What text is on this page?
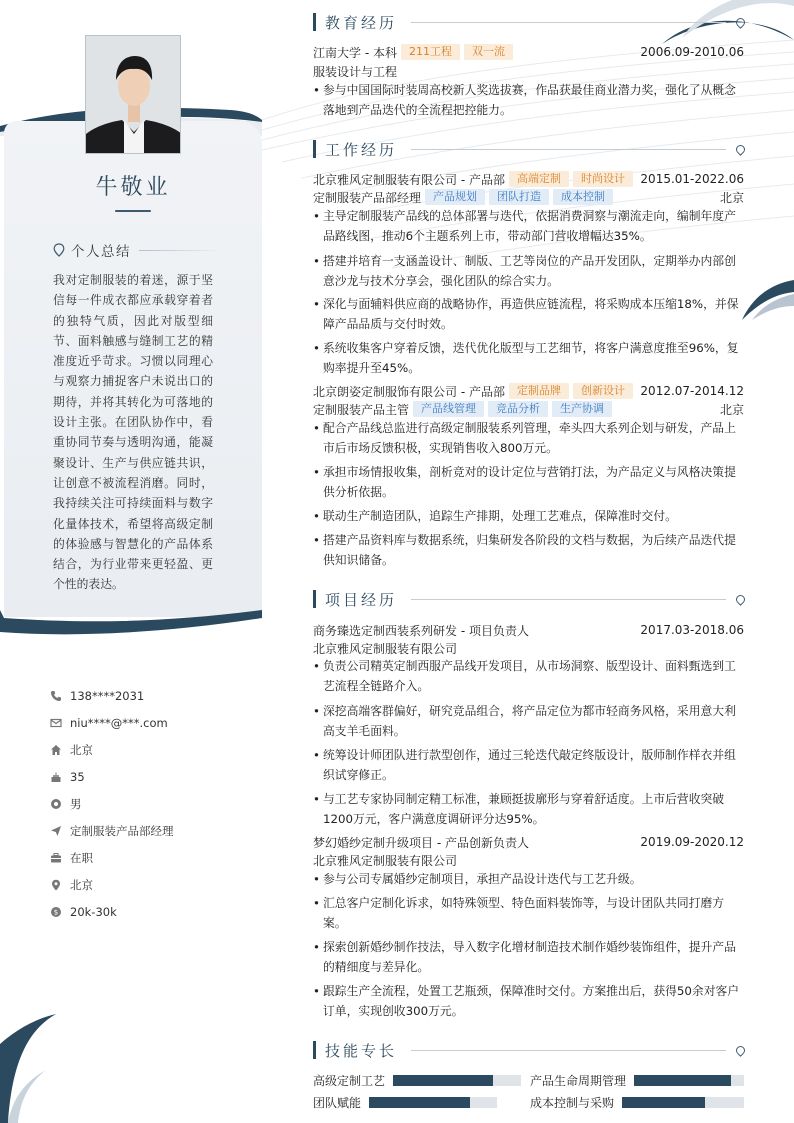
牛敬业
个人总结
我对定制服装的着迷，源于坚信每一件成衣都应承载穿着者的独特气质，因此对版型细节、面料触感与缝制工艺的精准度近乎苛求。习惯以同理心与观察力捕捉客户未说出口的期待，并将其转化为可落地的设计主张。在团队协作中，看重协同节奏与透明沟通，能凝聚设计、生产与供应链共识，让创意不被流程消磨。同时，我持续关注可持续面料与数字化量体技术，希望将高级定制的体验感与智慧化的产品体系结合，为行业带来更轻盈、更个性的表达。
138****2031
niu****@***.com
北京
35
男
定制服装产品部经理
在职
北京
$ 20k-30k
教育经历
江南大学 - 本科	211工程	双一流	2006.09-2010.06
服装设计与工程
• 参与中国国际时装周高校新人奖选拔赛，作品获最佳商业潜力奖，强化了从概念落地到产品迭代的全流程把控能力。
工作经历
北京雅风定制服装有限公司 - 产品部	高端定制	时尚设计	2015.01-2022.06
定制服装产品部经理	产品规划	团队打造	成本控制	北京
• 主导定制服装产品线的总体部署与迭代，依据消费洞察与潮流走向，编制年度产品路线图，推动6个主题系列上市，带动部门营收增幅达35%。
• 搭建并培育一支涵盖设计、制版、工艺等岗位的产品开发团队，定期举办内部创意沙龙与技术分享会，强化团队的综合实力。
• 深化与面辅料供应商的战略协作，再造供应链流程，将采购成本压缩18%，并保障产品品质与交付时效。
• 系统收集客户穿着反馈，迭代优化版型与工艺细节，将客户满意度推至96%，复购率提升至45%。
北京朗姿定制服饰有限公司 - 产品部	定制品牌	创新设计	2012.07-2014.12
定制服装产品主管	产品线管理	竞品分析	生产协调	北京
• 配合产品线总监进行高级定制服装系列管理，牵头四大系列企划与研发，产品上市后市场反馈积极，实现销售收入800万元。
• 承担市场情报收集，剖析竞对的设计定位与营销打法，为产品定义与风格决策提供分析依据。
• 联动生产制造团队，追踪生产排期，处理工艺难点，保障准时交付。
• 搭建产品资料库与数据系统，归集研发各阶段的文档与数据，为后续产品迭代提供知识储备。
项目经历
商务臻选定制西装系列研发 - 项目负责人	2017.03-2018.06
北京雅风定制服装有限公司
• 负责公司精英定制西服产品线开发项目，从市场洞察、版型设计、面料甄选到工艺流程全链路介入。
• 深挖高端客群偏好，研究竞品组合，将产品定位为都市轻商务风格，采用意大利高支羊毛面料。
• 统筹设计师团队进行款型创作，通过三轮迭代敲定终版设计，版师制作样衣并组织试穿修正。
• 与工艺专家协同制定精工标准，兼顾挺拔廓形与穿着舒适度。上市后营收突破1200万元，客户满意度调研评分达95%。
梦幻婚纱定制升级项目 - 产品创新负责人	2019.09-2020.12
北京雅风定制服装有限公司
• 参与公司专属婚纱定制项目，承担产品设计迭代与工艺升级。
• 汇总客户定制化诉求，如特殊领型、特色面料装饰等，与设计团队共同打磨方案。
• 探索创新婚纱制作技法，导入数字化增材制造技术制作婚纱装饰组件，提升产品的精细度与差异化。
• 跟踪生产全流程，处置工艺瓶颈，保障准时交付。方案推出后，获得50余对客户订单，实现创收300万元。
技能专长
高级定制工艺	产品生命周期管理
团队赋能	成本控制与采购
